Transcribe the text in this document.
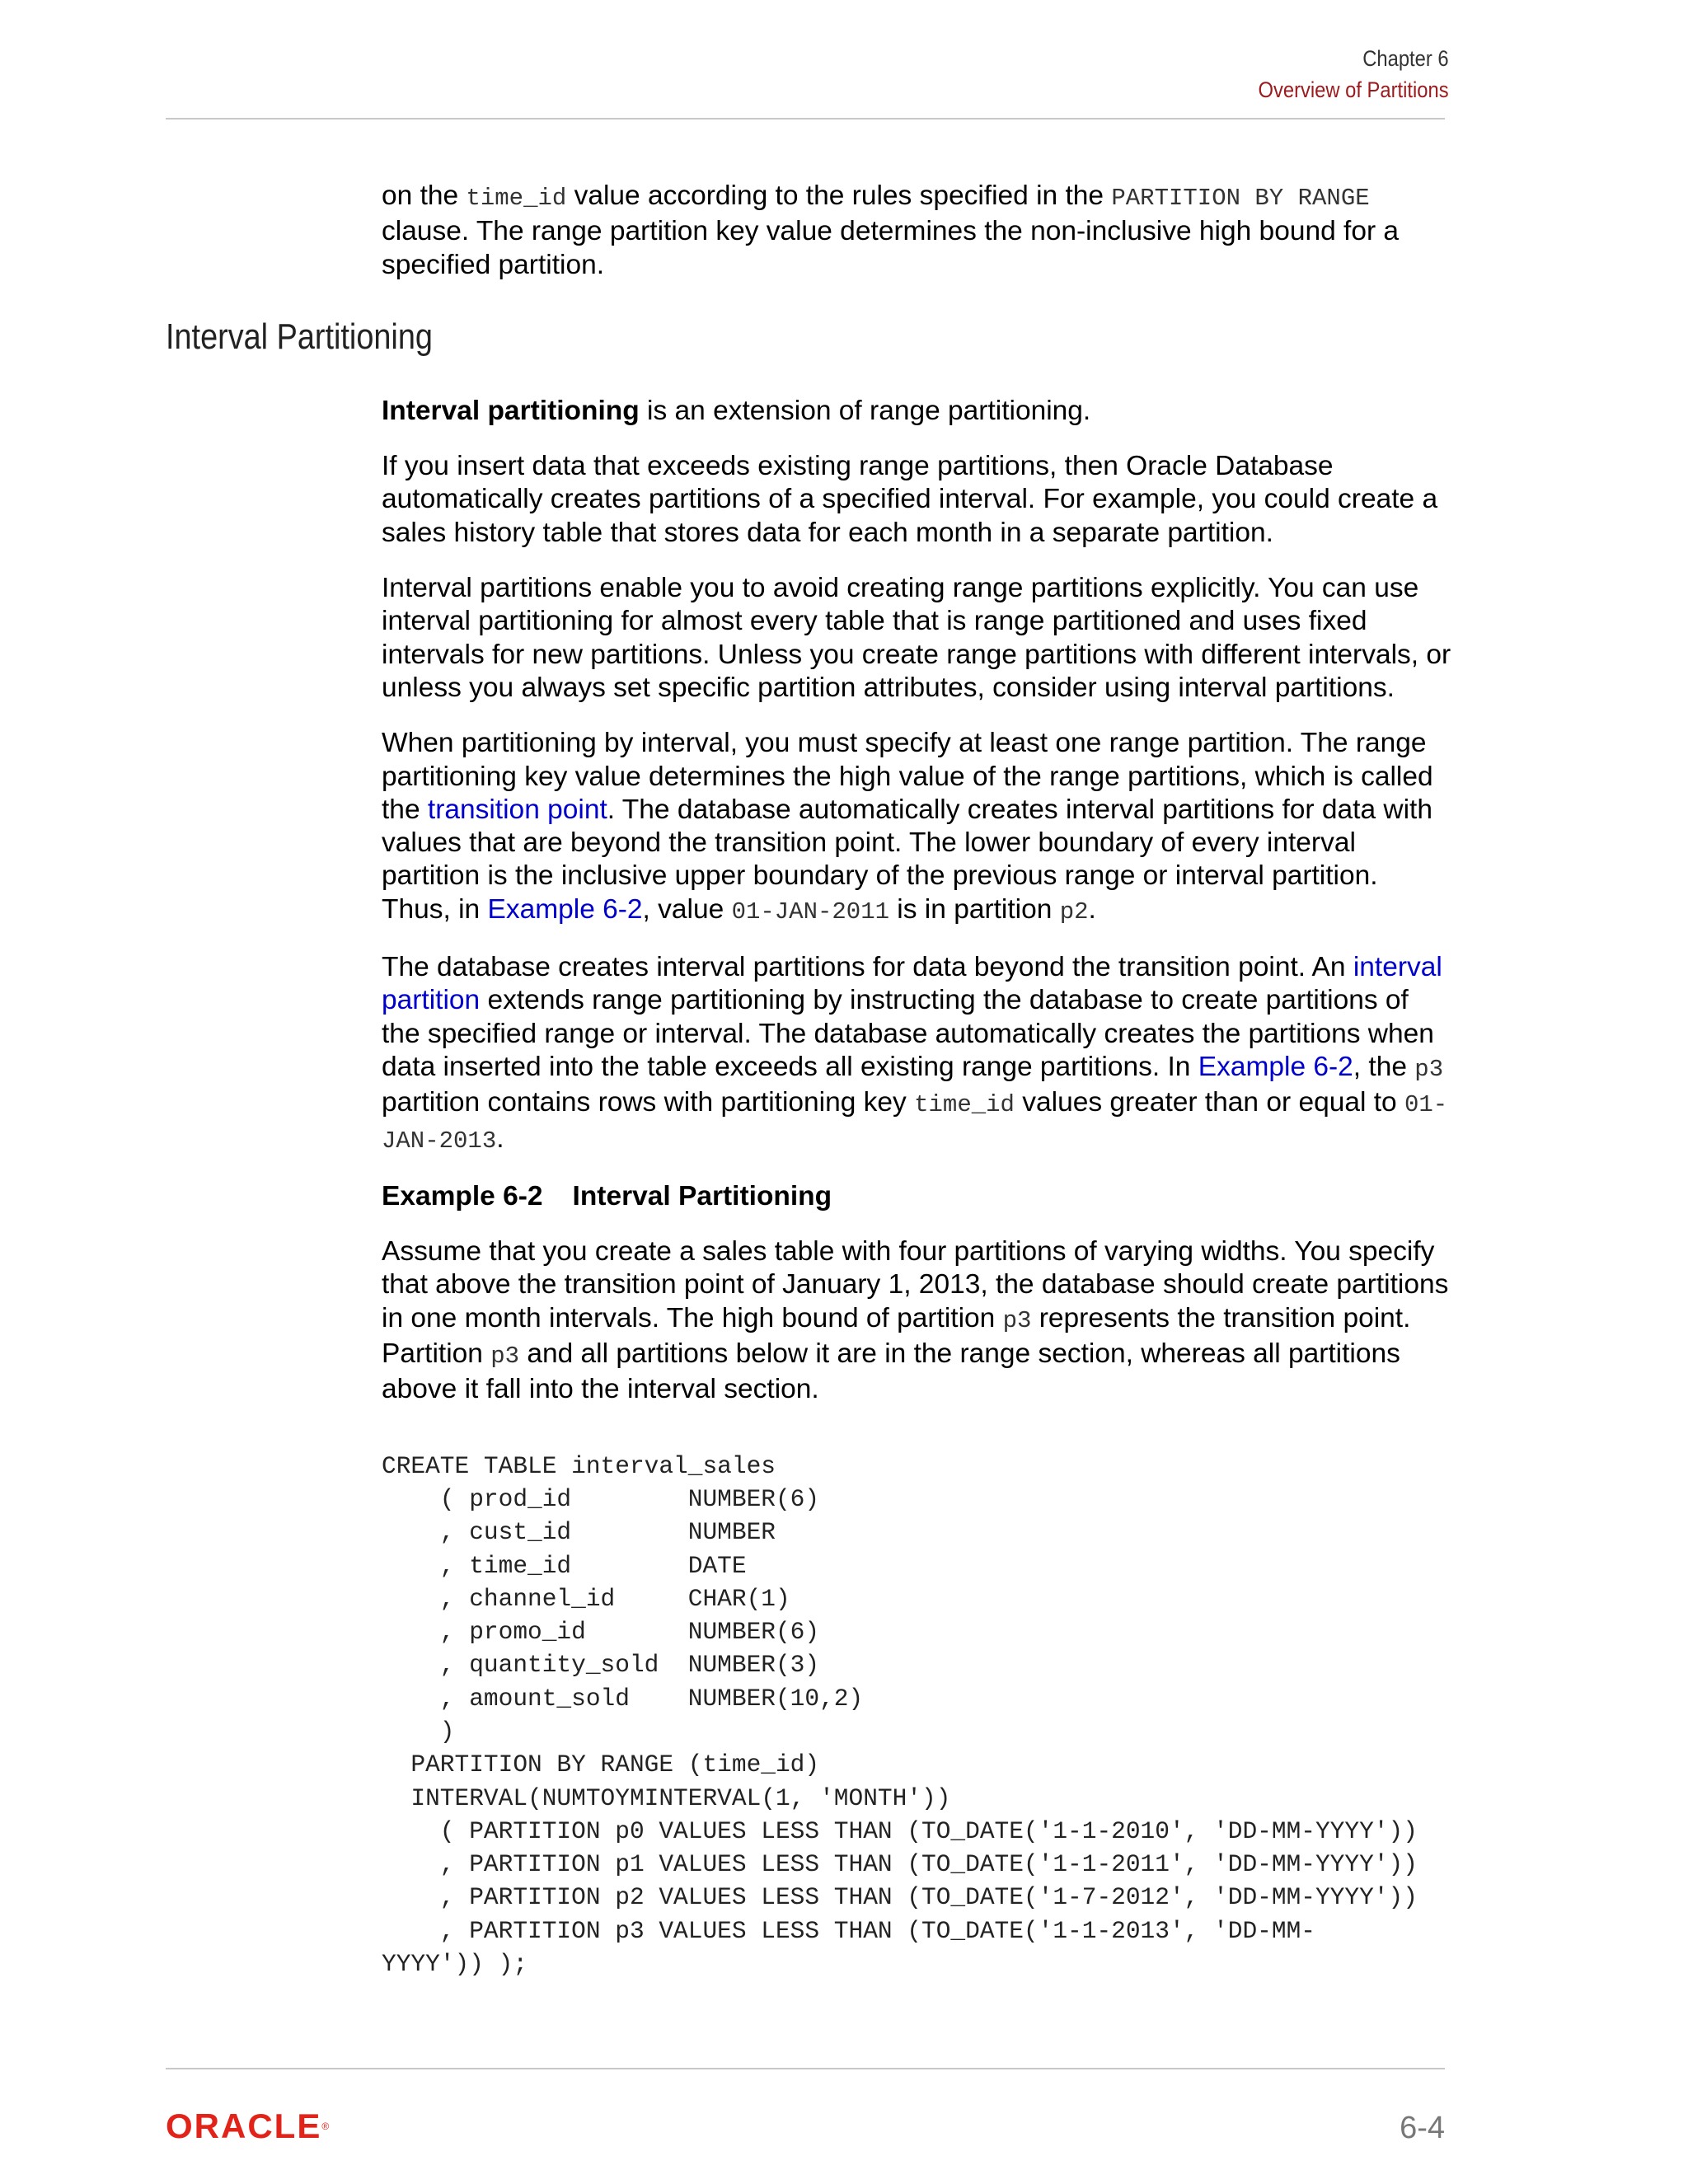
Chapter 6
Overview of Partitions
Interval Partitioning

on the time_id value according to the rules specified in the PARTITION BY RANGE clause. The range partition key value determines the non-inclusive high bound for a specified partition.

Interval partitioning is an extension of range partitioning.

If you insert data that exceeds existing range partitions, then Oracle Database automatically creates partitions of a specified interval. For example, you could create a sales history table that stores data for each month in a separate partition.

Interval partitions enable you to avoid creating range partitions explicitly. You can use interval partitioning for almost every table that is range partitioned and uses fixed intervals for new partitions. Unless you create range partitions with different intervals, or unless you always set specific partition attributes, consider using interval partitions.

When partitioning by interval, you must specify at least one range partition. The range partitioning key value determines the high value of the range partitions, which is called the transition point. The database automatically creates interval partitions for data with values that are beyond the transition point. The lower boundary of every interval partition is the inclusive upper boundary of the previous range or interval partition. Thus, in Example 6-2, value 01-JAN-2011 is in partition p2.

The database creates interval partitions for data beyond the transition point. An interval partition extends range partitioning by instructing the database to create partitions of the specified range or interval. The database automatically creates the partitions when data inserted into the table exceeds all existing range partitions. In Example 6-2, the p3 partition contains rows with partitioning key time_id values greater than or equal to 01-JAN-2013.

Example 6-2 Interval Partitioning

Assume that you create a sales table with four partitions of varying widths. You specify that above the transition point of January 1, 2013, the database should create partitions in one month intervals. The high bound of partition p3 represents the transition point. Partition p3 and all partitions below it are in the range section, whereas all partitions above it fall into the interval section.

CREATE TABLE interval_sales
( prod_id        NUMBER(6)
, cust_id        NUMBER
, time_id        DATE
, channel_id     CHAR(1)
, promo_id       NUMBER(6)
, quantity_sold  NUMBER(3)
, amount_sold    NUMBER(10,2)
)
PARTITION BY RANGE (time_id)
INTERVAL(NUMTOYMINTERVAL(1, 'MONTH'))
( PARTITION p0 VALUES LESS THAN (TO_DATE('1-1-2010', 'DD-MM-YYYY'))
, PARTITION p1 VALUES LESS THAN (TO_DATE('1-1-2011', 'DD-MM-YYYY'))
, PARTITION p2 VALUES LESS THAN (TO_DATE('1-7-2012', 'DD-MM-YYYY'))
, PARTITION p3 VALUES LESS THAN (TO_DATE('1-1-2013', 'DD-MM-
YYYY')) );
ORACLE®	6-4
